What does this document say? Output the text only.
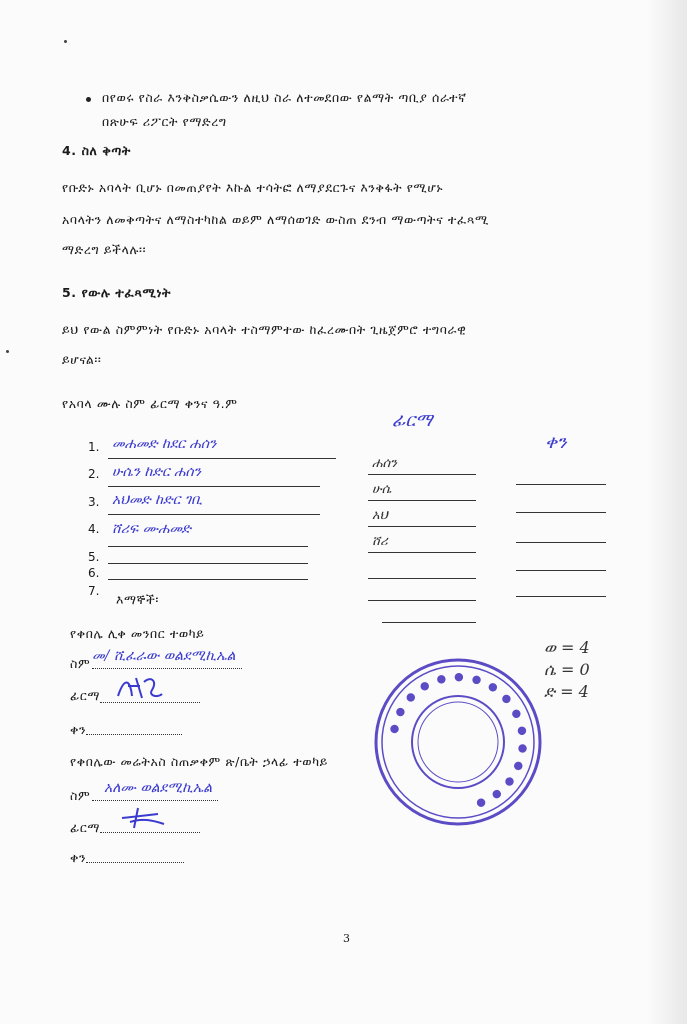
በየወሩ የስራ እንቅስቃሴውን ለዚህ ስራ ለተመደበው የልማት ጣቢያ ሰራተኛ
በጽሁፍ ሪፖርት የማድረግ
4. ስለ ቅጣት
የቡድኑ አባላት ቢሆኑ በመጠያየት እኩል ተሳትፎ ለማያደርጉና እንቅፋት የሚሆኑ
አባላትን ለመቅጣትና ለማስተካከል ወይም ለማሰወገድ ውስጠ ደንብ ማውጣትና ተፈጻሚ
ማድረግ ይችላሉ፡፡
5. የውሉ ተፈጻሚነት
ይህ የውል ስምምነት የቡድኑ አባላት ተስማምተው ከፈረሙበት ጊዜጀምሮ ተግባራዊ
ይሆናል፡፡
የአባላ ሙሉ ስም ፊርማ ቀንና ዓ.ም
ፊርማ
ቀን
1.
2.
3.
4.
5.
6.
7.
መሐመድ ከደር ሐሰን
ሁሴን ከድር ሐሰን
አህመድ ከድር ገቢ
ሸሪፍ ሙሐመድ
ሐሰን
ሁሴ
አህ
ሸሪ
እማኞች፡
የቀበሌ ሊቀ መንበር ተወካይ
ስም መ/ ሺፈራው ወልደሚኪኤል
ፊርማ
ቀን
የቀበሌው መሬትአስ ስጠቃቀም ጽ/ቤት ኃላፊ ተወካይ
ስም አለሙ ወልደሚኪኤል
ፊርማ
ቀን
● ● ● ● ● ● ● ● ● ● ● ● ● ● ● ●
ወ = 4
ሴ = 0
ድ = 4
3
